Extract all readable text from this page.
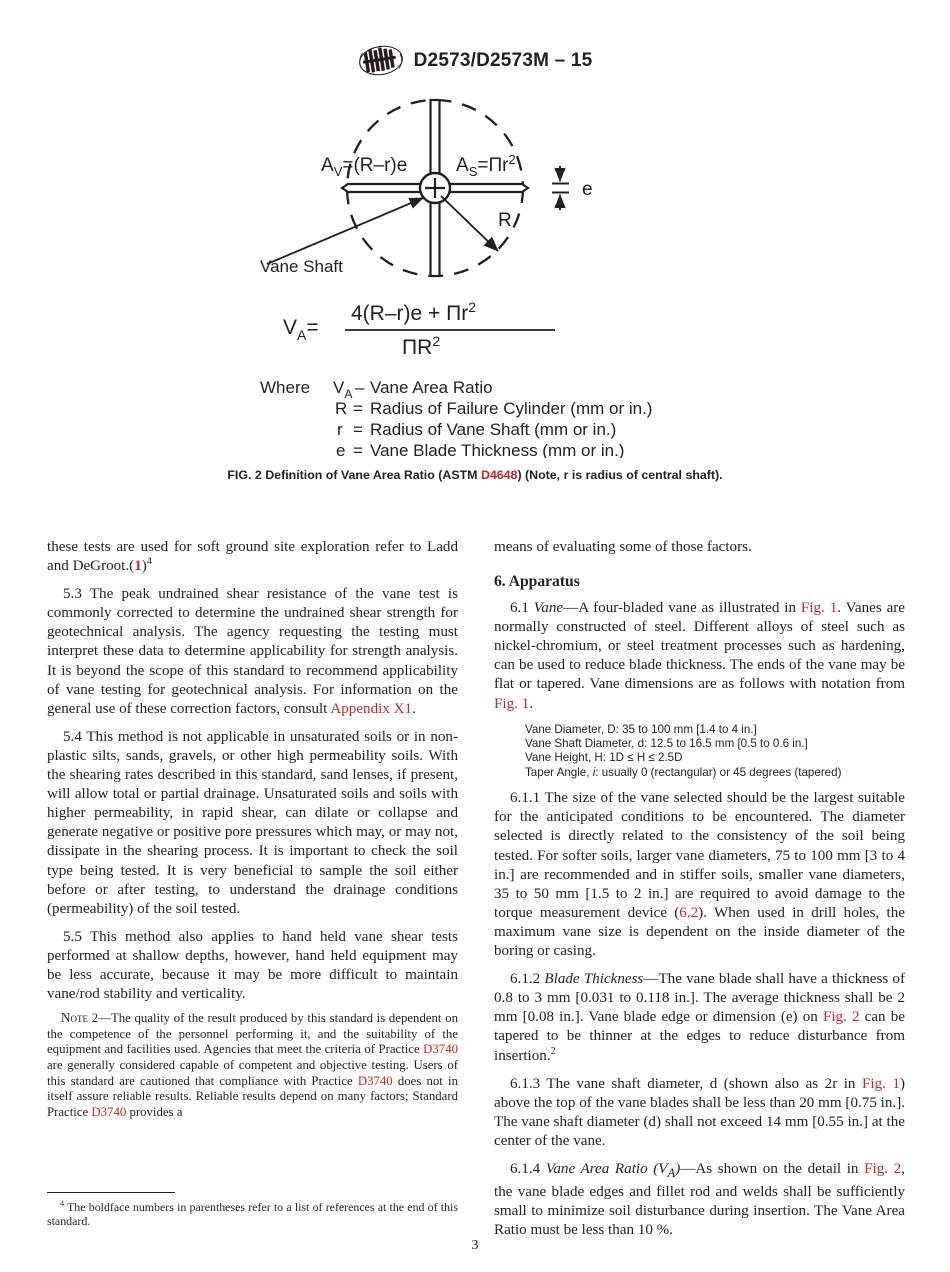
D2573/D2573M – 15
R
$A_V=(R-r)e$	$A_S=\Pi r^2$
e
Vane Shaft
$V_A=$
$4(R-r)e + \Pi r^2$
$\Pi R^2$
Where $V_A$ – Vane Area Ratio
R = Radius of Failure Cylinder (mm or in.)
r = Radius of Vane Shaft (mm or in.)
e = Vane Blade Thickness (mm or in.)
FIG. 2 Definition of Vane Area Ratio (ASTM D4648) (Note, r is radius of central shaft).

these tests are used for soft ground site exploration refer to Ladd and $DeGroot.(1)^4$

5.3 The peak undrained shear resistance of the vane test is commonly corrected to determine the undrained shear strength for geotechnical analysis. The agency requesting the testing must interpret these data to determine applicability for strength analysis. It is beyond the scope of this standard to recommend applicability of vane testing for geotechnical analysis. For information on the general use of these correction factors, consult Appendix X1.

5.4 This method is not applicable in unsaturated soils or in non-plastic silts, sands, gravels, or other high permeability soils. With the shearing rates described in this standard, sand lenses, if present, will allow total or partial drainage. Unsaturated soils and soils with higher permeability, in rapid shear, can dilate or collapse and generate negative or positive pore pressures which may, or may not, dissipate in the shearing process. It is important to check the soil type being tested. It is very beneficial to sample the soil either before or after testing, to understand the drainage conditions (permeability) of the soil tested.

5.5 This method also applies to hand held vane shear tests performed at shallow depths, however, hand held equipment may be less accurate, because it may be more difficult to maintain vane/rod stability and verticality.

Note 2—The quality of the result produced by this standard is dependent on the competence of the personnel performing it, and the suitability of the equipment and facilities used. Agencies that meet the criteria of Practice D3740 are generally considered capable of competent and objective testing. Users of this standard are cautioned that compliance with Practice D3740 does not in itself assure reliable results. Reliable results depend on many factors; Standard Practice D3740 provides a

$^4$ The boldface numbers in parentheses refer to a list of references at the end of this standard.

means of evaluating some of those factors.

6. Apparatus

6.1 Vane—A four-bladed vane as illustrated in Fig. 1. Vanes are normally constructed of steel. Different alloys of steel such as nickel-chromium, or steel treatment processes such as hardening, can be used to reduce blade thickness. The ends of the vane may be flat or tapered. Vane dimensions are as follows with notation from Fig. 1.

Vane Diameter, D: 35 to 100 mm [1.4 to 4 in.]
Vane Shaft Diameter, d: 12.5 to 16.5 mm [0.5 to 0.6 in.]
Vane Height, H: 1D ≤ H ≤ 2.5D
Taper Angle, i: usually 0 (rectangular) or 45 degrees (tapered)

6.1.1 The size of the vane selected should be the largest suitable for the anticipated conditions to be encountered. The diameter selected is directly related to the consistency of the soil being tested. For softer soils, larger vane diameters, 75 to 100 mm [3 to 4 in.] are recommended and in stiffer soils, smaller vane diameters, 35 to 50 mm [1.5 to 2 in.] are required to avoid damage to the torque measurement device (6.2). When used in drill holes, the maximum vane size is dependent on the inside diameter of the boring or casing.

6.1.2 Blade Thickness—The vane blade shall have a thickness of 0.8 to 3 mm [0.031 to 0.118 in.]. The average thickness shall be 2 mm [0.08 in.]. Vane blade edge or dimension (e) on Fig. 2 can be tapered to be thinner at the edges to reduce disturbance from insertion.$^2$

6.1.3 The vane shaft diameter, d (shown also as 2r in Fig. 1) above the top of the vane blades shall be less than 20 mm [0.75 in.]. The vane shaft diameter (d) shall not exceed 14 mm [0.55 in.] at the center of the vane.

6.1.4 Vane Area Ratio $(V_A)—As$ shown on the detail in Fig. 2, the vane blade edges and fillet rod and welds shall be sufficiently small to minimize soil disturbance during insertion. The Vane Area Ratio must be less than 10 %.

3
